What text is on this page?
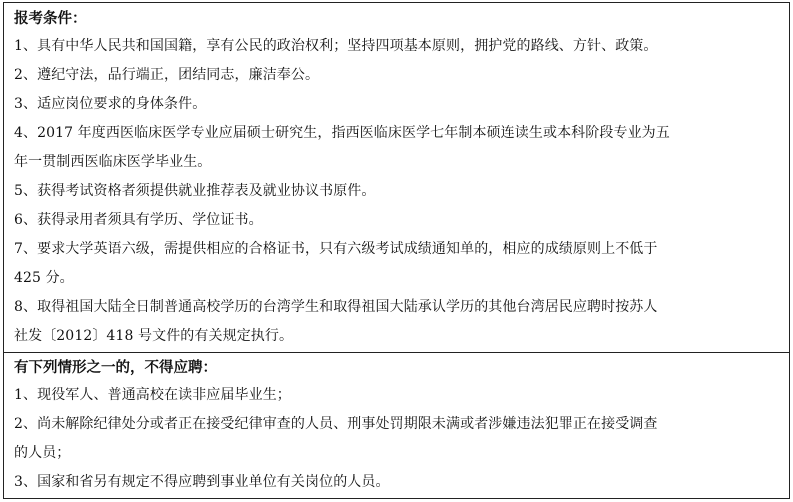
报考条件：
1、具有中华人民共和国国籍，享有公民的政治权利；坚持四项基本原则，拥护党的路线、方针、政策。
2、遵纪守法，品行端正，团结同志，廉洁奉公。
3、适应岗位要求的身体条件。
4、2017 年度西医临床医学专业应届硕士研究生，指西医临床医学七年制本硕连读生或本科阶段专业为五
年一贯制西医临床医学毕业生。
5、获得考试资格者须提供就业推荐表及就业协议书原件。
6、获得录用者须具有学历、学位证书。
7、要求大学英语六级，需提供相应的合格证书，只有六级考试成绩通知单的，相应的成绩原则上不低于
425 分。
8、取得祖国大陆全日制普通高校学历的台湾学生和取得祖国大陆承认学历的其他台湾居民应聘时按苏人
社发〔2012〕418 号文件的有关规定执行。
有下列情形之一的，不得应聘：
1、现役军人、普通高校在读非应届毕业生；
2、尚未解除纪律处分或者正在接受纪律审查的人员、刑事处罚期限未满或者涉嫌违法犯罪正在接受调查
的人员；
3、国家和省另有规定不得应聘到事业单位有关岗位的人员。
